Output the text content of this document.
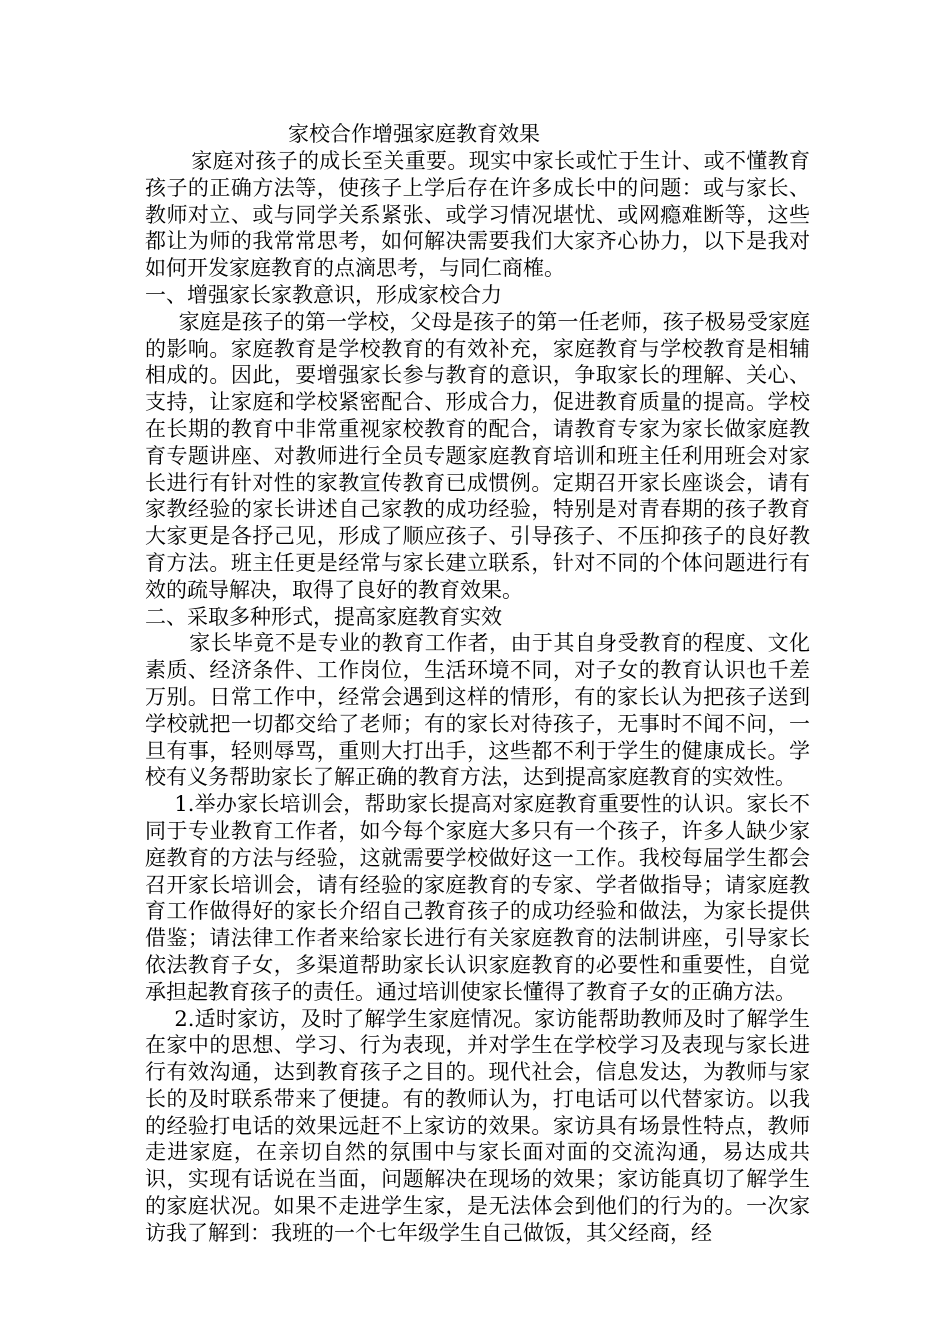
家校合作增强家庭教育效果

家庭对孩子的成长至关重要。现实中家长或忙于生计、或不懂教育孩子的正确方法等，使孩子上学后存在许多成长中的问题：或与家长、教师对立、或与同学关系紧张、或学习情况堪忧、或网瘾难断等，这些都让为师的我常常思考，如何解决需要我们大家齐心协力，以下是我对如何开发家庭教育的点滴思考，与同仁商榷。

一、增强家长家教意识，形成家校合力

家庭是孩子的第一学校，父母是孩子的第一任老师，孩子极易受家庭的影响。家庭教育是学校教育的有效补充，家庭教育与学校教育是相辅相成的。因此，要增强家长参与教育的意识，争取家长的理解、关心、支持，让家庭和学校紧密配合、形成合力，促进教育质量的提高。学校在长期的教育中非常重视家校教育的配合，请教育专家为家长做家庭教育专题讲座、对教师进行全员专题家庭教育培训和班主任利用班会对家长进行有针对性的家教宣传教育已成惯例。定期召开家长座谈会，请有家教经验的家长讲述自己家教的成功经验，特别是对青春期的孩子教育大家更是各抒己见，形成了顺应孩子、引导孩子、不压抑孩子的良好教育方法。班主任更是经常与家长建立联系，针对不同的个体问题进行有效的疏导解决，取得了良好的教育效果。

二、采取多种形式，提高家庭教育实效

家长毕竟不是专业的教育工作者，由于其自身受教育的程度、文化素质、经济条件、工作岗位，生活环境不同，对子女的教育认识也千差万别。日常工作中，经常会遇到这样的情形，有的家长认为把孩子送到学校就把一切都交给了老师；有的家长对待孩子，无事时不闻不问，一旦有事，轻则辱骂，重则大打出手，这些都不利于学生的健康成长。学校有义务帮助家长了解正确的教育方法，达到提高家庭教育的实效性。

1.举办家长培训会，帮助家长提高对家庭教育重要性的认识。家长不同于专业教育工作者，如今每个家庭大多只有一个孩子，许多人缺少家庭教育的方法与经验，这就需要学校做好这一工作。我校每届学生都会召开家长培训会，请有经验的家庭教育的专家、学者做指导；请家庭教育工作做得好的家长介绍自己教育孩子的成功经验和做法，为家长提供借鉴；请法律工作者来给家长进行有关家庭教育的法制讲座，引导家长依法教育子女，多渠道帮助家长认识家庭教育的必要性和重要性，自觉承担起教育孩子的责任。通过培训使家长懂得了教育子女的正确方法。

2.适时家访，及时了解学生家庭情况。家访能帮助教师及时了解学生在家中的思想、学习、行为表现，并对学生在学校学习及表现与家长进行有效沟通，达到教育孩子之目的。现代社会，信息发达，为教师与家长的及时联系带来了便捷。有的教师认为，打电话可以代替家访。以我的经验打电话的效果远赶不上家访的效果。家访具有场景性特点，教师走进家庭，在亲切自然的氛围中与家长面对面的交流沟通，易达成共识，实现有话说在当面，问题解决在现场的效果；家访能真切了解学生的家庭状况。如果不走进学生家，是无法体会到他们的行为的。一次家访我了解到：我班的一个七年级学生自己做饭，其父经商，经
